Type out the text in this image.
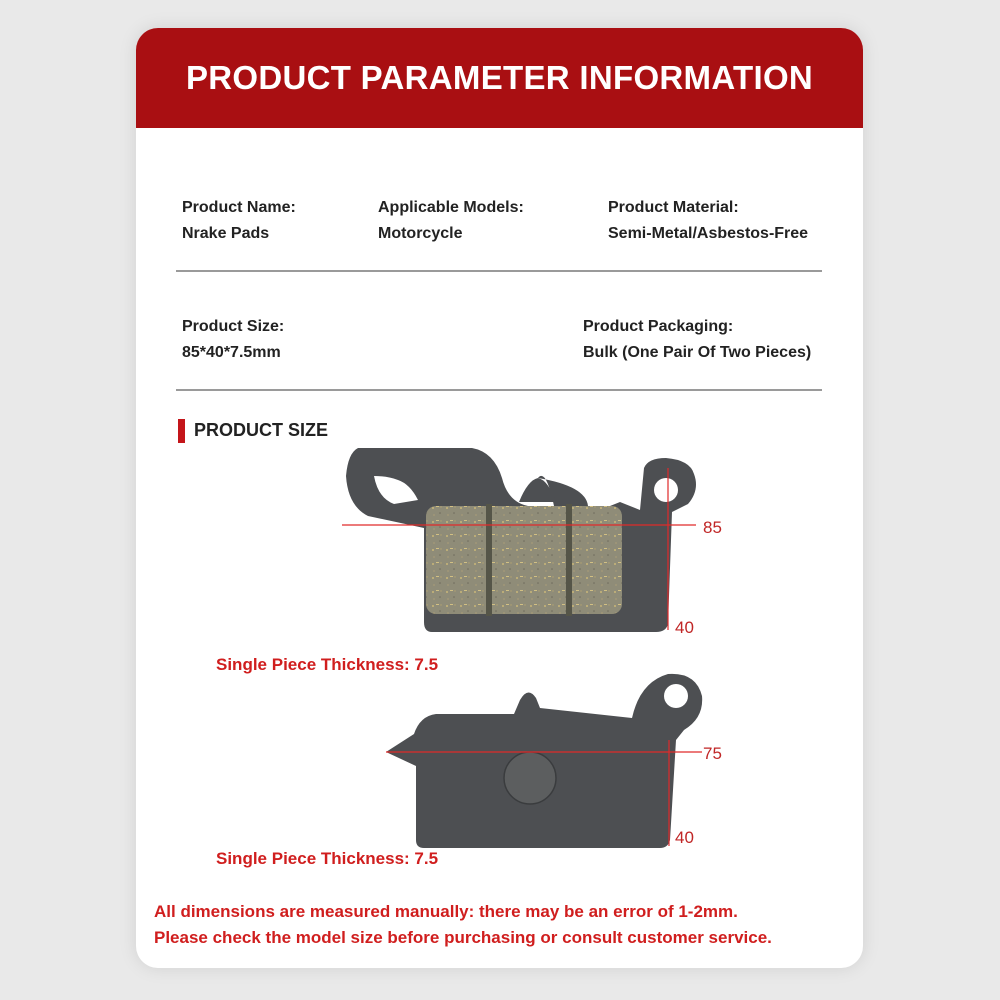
PRODUCT PARAMETER INFORMATION
Product Name:
Nrake Pads
Applicable Models:
Motorcycle
Product Material:
Semi-Metal/Asbestos-Free
Product Size:
85*40*7.5mm
Product Packaging:
Bulk (One Pair Of Two Pieces)
PRODUCT SIZE
85
40
Single Piece Thickness: 7.5
75
40
Single Piece Thickness: 7.5
All dimensions are measured manually: there may be an error of 1-2mm.
Please check the model size before purchasing or consult customer service.
